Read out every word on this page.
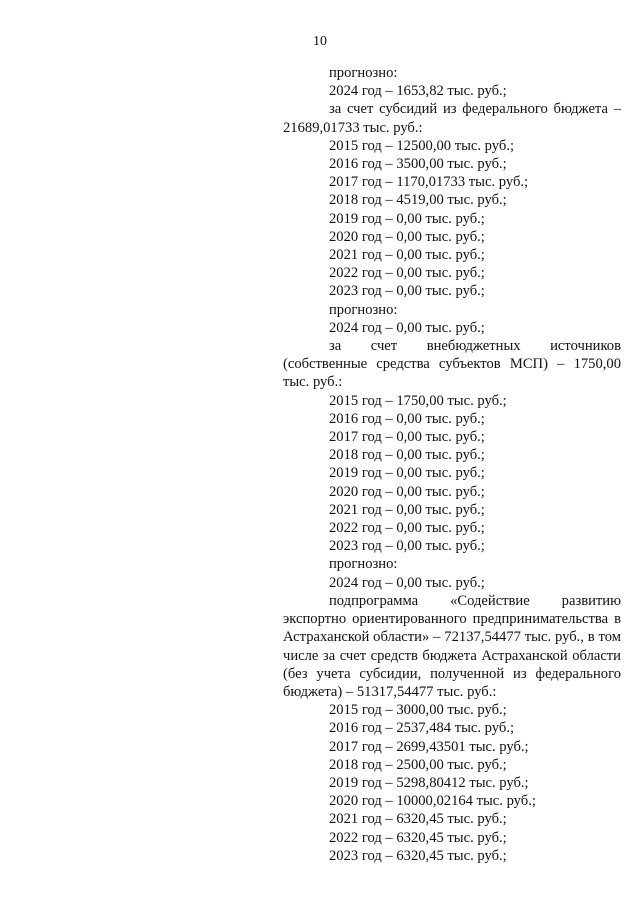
10
прогнозно:
2024 год – 1653,82 тыс. руб.;
за счет субсидий из федерального бюджета – 21689,01733 тыс. руб.:
2015 год – 12500,00 тыс. руб.;
2016 год – 3500,00 тыс. руб.;
2017 год – 1170,01733 тыс. руб.;
2018 год – 4519,00 тыс. руб.;
2019 год – 0,00 тыс. руб.;
2020 год – 0,00 тыс. руб.;
2021 год – 0,00 тыс. руб.;
2022 год – 0,00 тыс. руб.;
2023 год – 0,00 тыс. руб.;
прогнозно:
2024 год – 0,00 тыс. руб.;
за счет внебюджетных источников (собственные средства субъектов МСП) – 1750,00 тыс. руб.:
2015 год – 1750,00 тыс. руб.;
2016 год – 0,00 тыс. руб.;
2017 год – 0,00 тыс. руб.;
2018 год – 0,00 тыс. руб.;
2019 год – 0,00 тыс. руб.;
2020 год – 0,00 тыс. руб.;
2021 год – 0,00 тыс. руб.;
2022 год – 0,00 тыс. руб.;
2023 год – 0,00 тыс. руб.;
прогнозно:
2024 год – 0,00 тыс. руб.;
подпрограмма «Содействие развитию экспортно ориентированного предпринимательства в Астраханской области» – 72137,54477 тыс. руб., в том числе за счет средств бюджета Астраханской области (без учета субсидии, полученной из федерального бюджета) – 51317,54477 тыс. руб.:
2015 год – 3000,00 тыс. руб.;
2016 год – 2537,484 тыс. руб.;
2017 год – 2699,43501 тыс. руб.;
2018 год – 2500,00 тыс. руб.;
2019 год – 5298,80412 тыс. руб.;
2020 год – 10000,02164 тыс. руб.;
2021 год – 6320,45 тыс. руб.;
2022 год – 6320,45 тыс. руб.;
2023 год – 6320,45 тыс. руб.;
